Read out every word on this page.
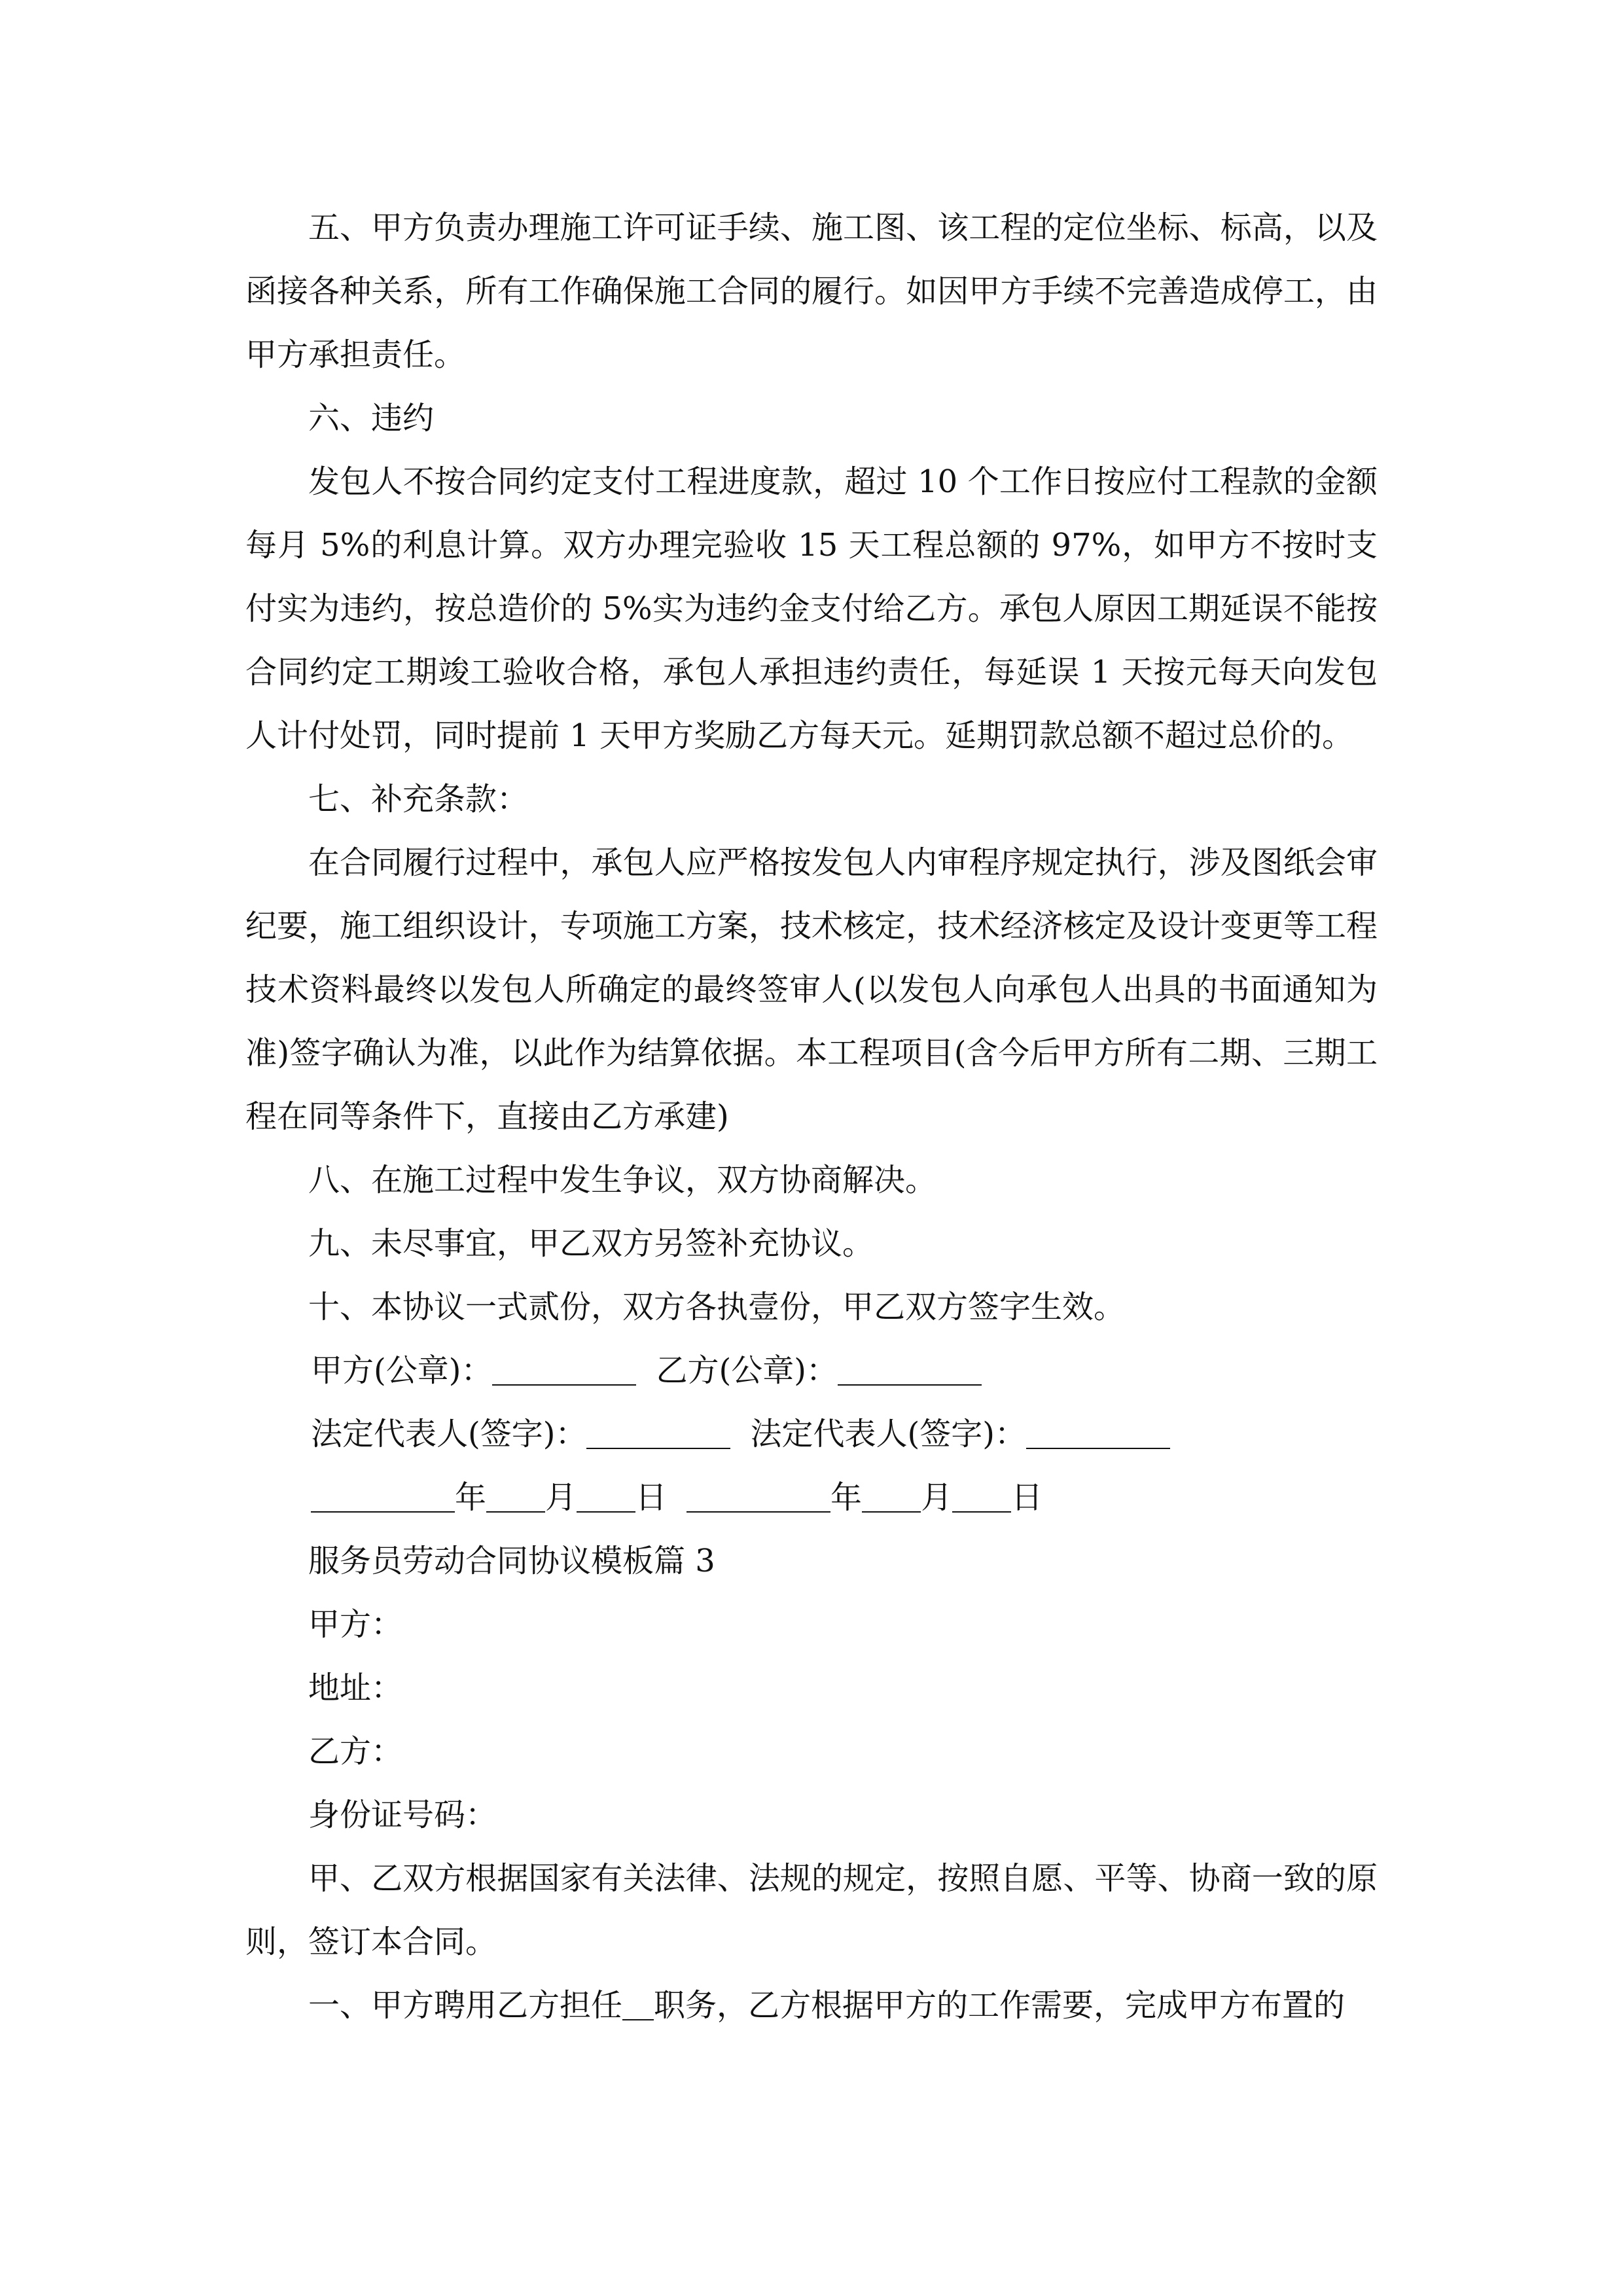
五、甲方负责办理施工许可证手续、施工图、该工程的定位坐标、标高，以及函接各种关系，所有工作确保施工合同的履行。如因甲方手续不完善造成停工，由甲方承担责任。

六、违约

发包人不按合同约定支付工程进度款，超过 10 个工作日按应付工程款的金额每月 5%的利息计算。双方办理完验收 15 天工程总额的 97%，如甲方不按时支付实为违约，按总造价的 5%实为违约金支付给乙方。承包人原因工期延误不能按合同约定工期竣工验收合格，承包人承担违约责任，每延误 1 天按元每天向发包人计付处罚，同时提前 1 天甲方奖励乙方每天元。延期罚款总额不超过总价的。

七、补充条款：

在合同履行过程中，承包人应严格按发包人内审程序规定执行，涉及图纸会审纪要，施工组织设计，专项施工方案，技术核定，技术经济核定及设计变更等工程技术资料最终以发包人所确定的最终签审人(以发包人向承包人出具的书面通知为准)签字确认为准，以此作为结算依据。本工程项目(含今后甲方所有二期、三期工程在同等条件下，直接由乙方承建)

八、在施工过程中发生争议，双方协商解决。

九、未尽事宜，甲乙双方另签补充协议。

十、本协议一式贰份，双方各执壹份，甲乙双方签字生效。

甲方(公章)：	乙方(公章)：
法定代表人(签字)：	法定代表人(签字)：
年 月 日	年 月 日

服务员劳动合同协议模板篇 3

甲方：

地址：

乙方：

身份证号码：

甲、乙双方根据国家有关法律、法规的规定，按照自愿、平等、协商一致的原则，签订本合同。

一、甲方聘用乙方担任 职务，乙方根据甲方的工作需要，完成甲方布置的
